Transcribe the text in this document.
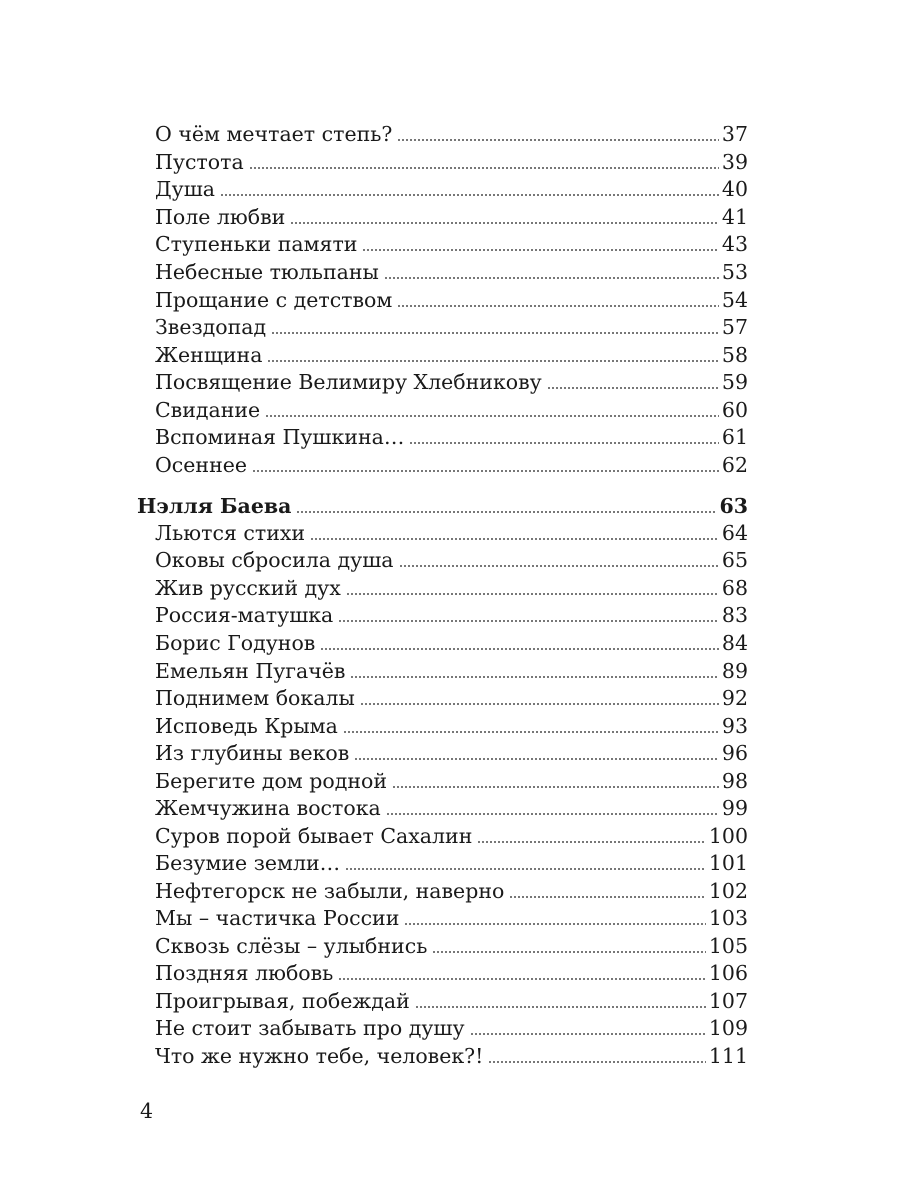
О чём мечтает степь?	37
Пустота	39
Душа	40
Поле любви	41
Ступеньки памяти	43
Небесные тюльпаны	53
Прощание с детством	54
Звездопад	57
Женщина	58
Посвящение Велимиру Хлебникову	59
Свидание	60
Вспоминая Пушкина…	61
Осеннее	62
Нэлля Баева	63
Льются стихи	64
Оковы сбросила душа	65
Жив русский дух	68
Россия-матушка	83
Борис Годунов	84
Емельян Пугачёв	89
Поднимем бокалы	92
Исповедь Крыма	93
Из глубины веков	96
Берегите дом родной	98
Жемчужина востока	99
Суров порой бывает Сахалин	100
Безумие земли…	101
Нефтегорск не забыли, наверно	102
Мы – частичка России	103
Сквозь слёзы – улыбнись	105
Поздняя любовь	106
Проигрывая, побеждай	107
Не стоит забывать про душу	109
Что же нужно тебе, человек?!	111
4
